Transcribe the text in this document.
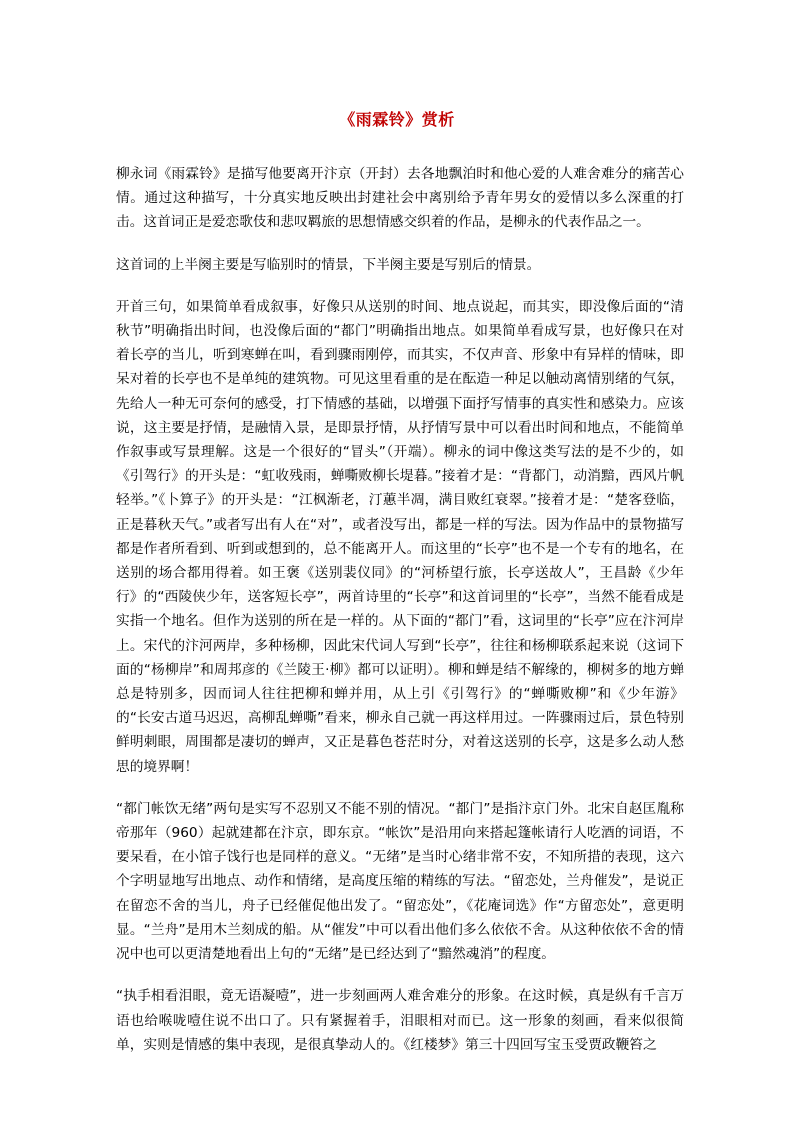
《雨霖铃》赏析

柳永词《雨霖铃》是描写他要离开汴京（开封）去各地飘泊时和他心爱的人难舍难分的痛苦心情。通过这种描写，十分真实地反映出封建社会中离别给予青年男女的爱情以多么深重的打击。这首词正是爱恋歌伎和悲叹羁旅的思想情感交织着的作品，是柳永的代表作品之一。

这首词的上半阕主要是写临别时的情景，下半阕主要是写别后的情景。

开首三句，如果简单看成叙事，好像只从送别的时间、地点说起，而其实，即没像后面的“清秋节”明确指出时间，也没像后面的“都门”明确指出地点。如果简单看成写景，也好像只在对着长亭的当儿，听到寒蝉在叫，看到骤雨刚停，而其实，不仅声音、形象中有异样的情味，即呆对着的长亭也不是单纯的建筑物。可见这里看重的是在酝造一种足以触动离情别绪的气氛，先给人一种无可奈何的感受，打下情感的基础，以增强下面抒写情事的真实性和感染力。应该说，这主要是抒情，是融情入景，是即景抒情，从抒情写景中可以看出时间和地点，不能简单作叙事或写景理解。这是一个很好的“冒头”（开端）。柳永的词中像这类写法的是不少的，如《引驾行》的开头是：“虹收残雨，蝉嘶败柳长堤暮。”接着才是：“背都门，动消黯，西风片帆轻举。”《卜算子》的开头是：“江枫渐老，汀蕙半凋，满目败红衰翠。”接着才是：“楚客登临，正是暮秋天气。”或者写出有人在“对”，或者没写出，都是一样的写法。因为作品中的景物描写都是作者所看到、听到或想到的，总不能离开人。而这里的“长亭”也不是一个专有的地名，在送别的场合都用得着。如王褒《送别裴仪同》的“河桥望行旅，长亭送故人”，王昌龄《少年行》的“西陵侠少年，送客短长亭”，两首诗里的“长亭”和这首词里的“长亭”，当然不能看成是实指一个地名。但作为送别的所在是一样的。从下面的“都门”看，这词里的“长亭”应在汴河岸上。宋代的汴河两岸，多种杨柳，因此宋代词人写到“长亭”，往往和杨柳联系起来说（这词下面的“杨柳岸”和周邦彦的《兰陵王·柳》都可以证明）。柳和蝉是结不解缘的，柳树多的地方蝉总是特别多，因而词人往往把柳和蝉并用，从上引《引驾行》的“蝉嘶败柳”和《少年游》的“长安古道马迟迟，高柳乱蝉嘶”看来，柳永自己就一再这样用过。一阵骤雨过后，景色特别鲜明刺眼，周围都是凄切的蝉声，又正是暮色苍茫时分，对着这送别的长亭，这是多么动人愁思的境界啊！

“都门帐饮无绪”两句是实写不忍别又不能不别的情况。“都门”是指汴京门外。北宋自赵匡胤称帝那年（960）起就建都在汴京，即东京。“帐饮”是沿用向来搭起篷帐请行人吃酒的词语，不要呆看，在小馆子饯行也是同样的意义。“无绪”是当时心绪非常不安，不知所措的表现，这六个字明显地写出地点、动作和情绪，是高度压缩的精练的写法。“留恋处，兰舟催发”，是说正在留恋不舍的当儿，舟子已经催促他出发了。“留恋处”，《花庵词选》作“方留恋处”，意更明显。“兰舟”是用木兰刻成的船。从“催发”中可以看出他们多么依依不舍。从这种依依不舍的情况中也可以更清楚地看出上句的“无绪”是已经达到了“黯然魂消”的程度。

“执手相看泪眼，竟无语凝噎”，进一步刻画两人难舍难分的形象。在这时候，真是纵有千言万语也给喉咙噎住说不出口了。只有紧握着手，泪眼相对而已。这一形象的刻画，看来似很简单，实则是情感的集中表现，是很真挚动人的。《红楼梦》第三十四回写宝玉受贾政鞭笞之
